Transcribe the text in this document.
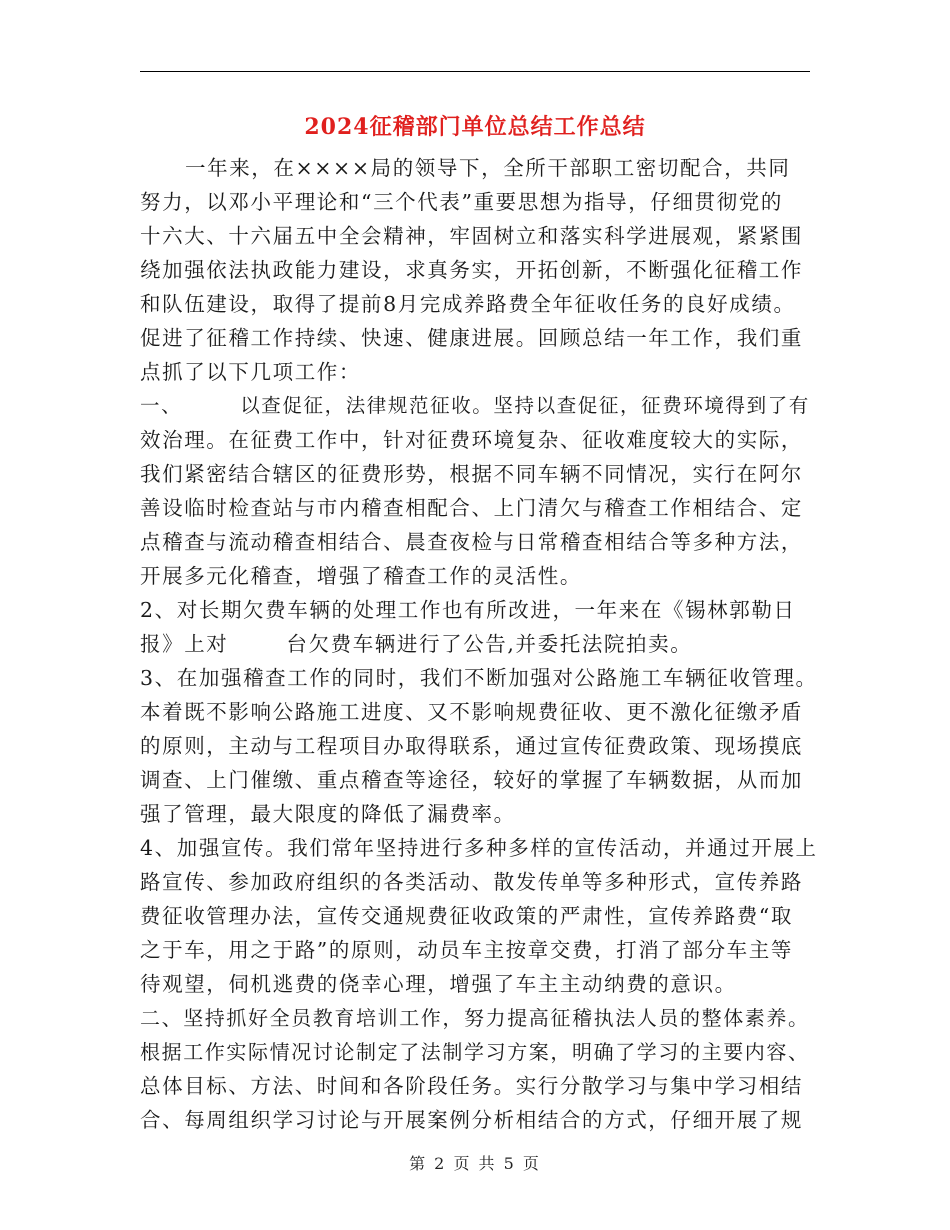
2024征稽部门单位总结工作总结
一年来，在××××局的领导下，全所干部职工密切配合，共同
努力，以邓小平理论和“三个代表”重要思想为指导，仔细贯彻党的
十六大、十六届五中全会精神，牢固树立和落实科学进展观，紧紧围
绕加强依法执政能力建设，求真务实，开拓创新，不断强化征稽工作
和队伍建设，取得了提前8月完成养路费全年征收任务的良好成绩。
促进了征稽工作持续、快速、健康进展。回顾总结一年工作，我们重
点抓了以下几项工作：
一、	以查促征，法律规范征收。坚持以查促征，征费环境得到了有
效治理。在征费工作中，针对征费环境复杂、征收难度较大的实际，
我们紧密结合辖区的征费形势，根据不同车辆不同情况，实行在阿尔
善设临时检查站与市内稽查相配合、上门清欠与稽查工作相结合、定
点稽查与流动稽查相结合、晨查夜检与日常稽查相结合等多种方法，
开展多元化稽查，增强了稽查工作的灵活性。
2、对长期欠费车辆的处理工作也有所改进，一年来在《锡林郭勒日
报》上对	台欠费车辆进行了公告,并委托法院拍卖。
3、在加强稽查工作的同时，我们不断加强对公路施工车辆征收管理。
本着既不影响公路施工进度、又不影响规费征收、更不激化征缴矛盾
的原则，主动与工程项目办取得联系，通过宣传征费政策、现场摸底
调查、上门催缴、重点稽查等途径，较好的掌握了车辆数据，从而加
强了管理，最大限度的降低了漏费率。
4、加强宣传。我们常年坚持进行多种多样的宣传活动，并通过开展上
路宣传、参加政府组织的各类活动、散发传单等多种形式，宣传养路
费征收管理办法，宣传交通规费征收政策的严肃性，宣传养路费“取
之于车，用之于路”的原则，动员车主按章交费，打消了部分车主等
待观望，伺机逃费的侥幸心理，增强了车主主动纳费的意识。
二、坚持抓好全员教育培训工作，努力提高征稽执法人员的整体素养。
根据工作实际情况讨论制定了法制学习方案，明确了学习的主要内容、
总体目标、方法、时间和各阶段任务。实行分散学习与集中学习相结
合、每周组织学习讨论与开展案例分析相结合的方式，仔细开展了规
第 2 页 共 5 页
